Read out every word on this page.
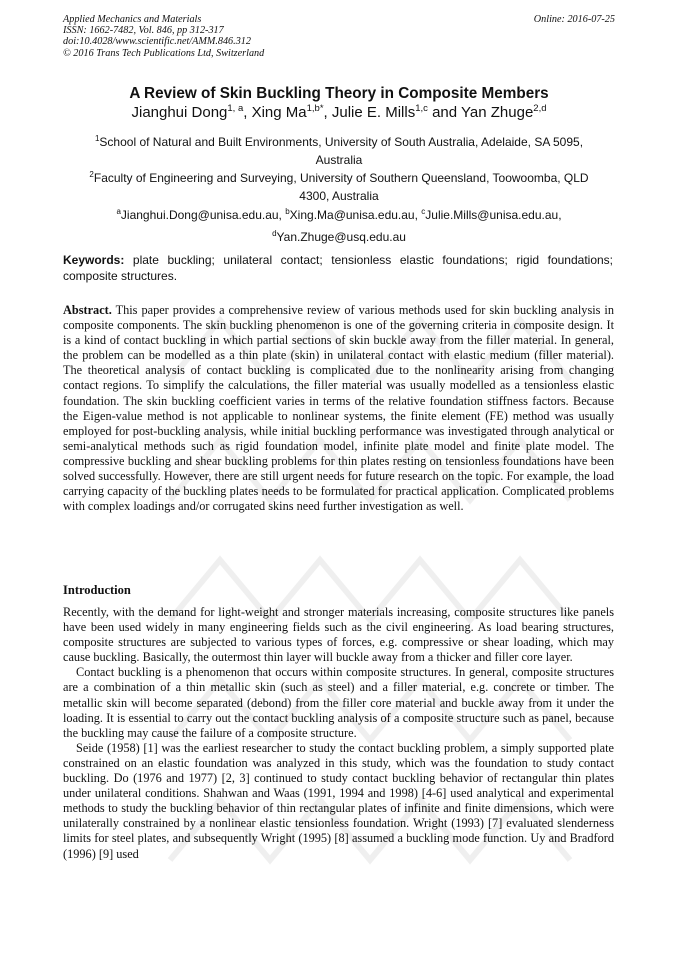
Applied Mechanics and Materials
ISSN: 1662-7482, Vol. 846, pp 312-317
doi:10.4028/www.scientific.net/AMM.846.312
© 2016 Trans Tech Publications Ltd, Switzerland
Online: 2016-07-25
A Review of Skin Buckling Theory in Composite Members
Jianghui Dong$^{1, a}$, Xing $Ma^{1,b*}$, Julie E. Mills$^{1,c}$ and Yan Zhuge$^{2,d}$
$^1$School of Natural and Built Environments, University of South Australia, Adelaide, SA 5095, Australia
$^2$Faculty of Engineering and Surveying, University of Southern Queensland, Toowoomba, QLD 4300, Australia
$^a$Jianghui.Dong@unisa.edu.au, $^b$Xing.Ma@unisa.edu.au, $^c$Julie.Mills@unisa.edu.au, $^d$Yan.Zhuge@usq.edu.au
Keywords: plate buckling; unilateral contact; tensionless elastic foundations; rigid foundations; composite structures.
Abstract. This paper provides a comprehensive review of various methods used for skin buckling analysis in composite components. The skin buckling phenomenon is one of the governing criteria in composite design. It is a kind of contact buckling in which partial sections of skin buckle away from the filler material. In general, the problem can be modelled as a thin plate (skin) in unilateral contact with elastic medium (filler material). The theoretical analysis of contact buckling is complicated due to the nonlinearity arising from changing contact regions. To simplify the calculations, the filler material was usually modelled as a tensionless elastic foundation. The skin buckling coefficient varies in terms of the relative foundation stiffness factors. Because the Eigen-value method is not applicable to nonlinear systems, the finite element (FE) method was usually employed for post-buckling analysis, while initial buckling performance was investigated through analytical or semi-analytical methods such as rigid foundation model, infinite plate model and finite plate model. The compressive buckling and shear buckling problems for thin plates resting on tensionless foundations have been solved successfully. However, there are still urgent needs for future research on the topic. For example, the load carrying capacity of the buckling plates needs to be formulated for practical application. Complicated problems with complex loadings and/or corrugated skins need further investigation as well.
Introduction

Recently, with the demand for light-weight and stronger materials increasing, composite structures like panels have been used widely in many engineering fields such as the civil engineering. As load bearing structures, composite structures are subjected to various types of forces, e.g. compressive or shear loading, which may cause buckling. Basically, the outermost thin layer will buckle away from a thicker and filler core layer.

Contact buckling is a phenomenon that occurs within composite structures. In general, composite structures are a combination of a thin metallic skin (such as steel) and a filler material, e.g. concrete or timber. The metallic skin will become separated (debond) from the filler core material and buckle away from it under the loading. It is essential to carry out the contact buckling analysis of a composite structure such as panel, because the buckling may cause the failure of a composite structure.

Seide (1958) [1] was the earliest researcher to study the contact buckling problem, a simply supported plate constrained on an elastic foundation was analyzed in this study, which was the foundation to study contact buckling. Do (1976 and 1977) [2, 3] continued to study contact buckling behavior of rectangular thin plates under unilateral conditions. Shahwan and Waas (1991, 1994 and 1998) [4-6] used analytical and experimental methods to study the buckling behavior of thin rectangular plates of infinite and finite dimensions, which were unilaterally constrained by a nonlinear elastic tensionless foundation. Wright (1993) [7] evaluated slenderness limits for steel plates, and subsequently Wright (1995) [8] assumed a buckling mode function. Uy and Bradford (1996) [9] used
